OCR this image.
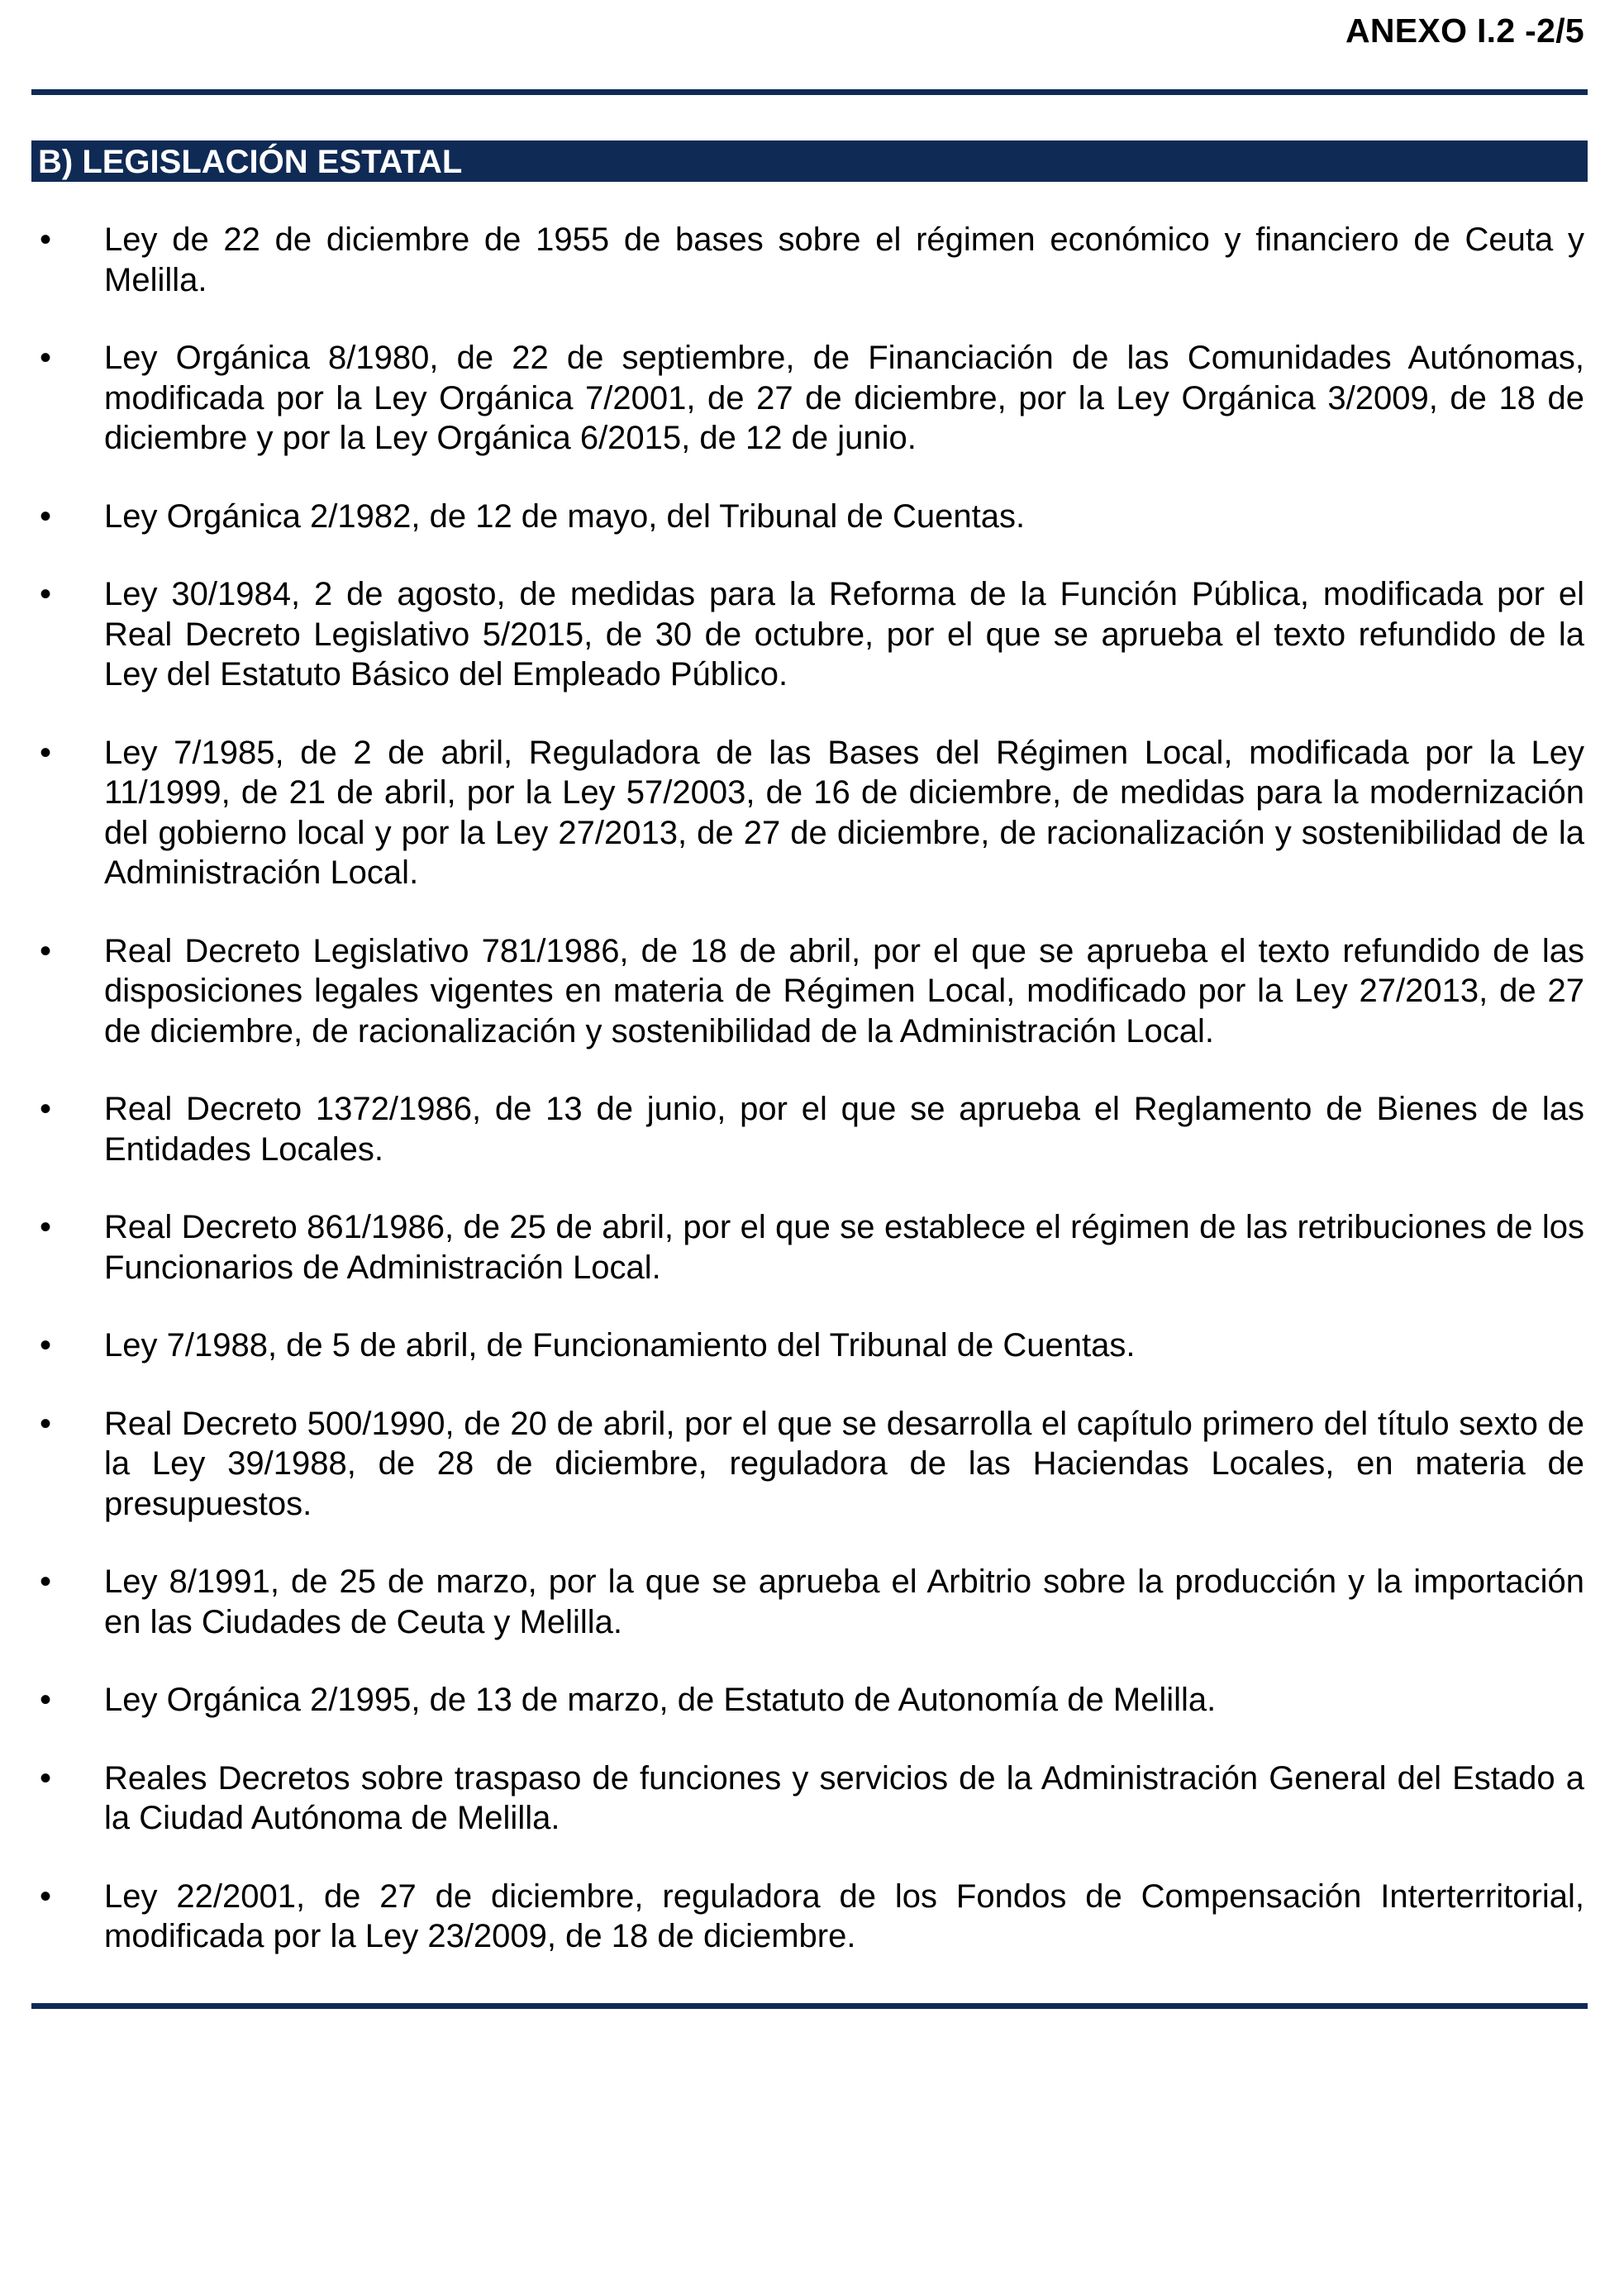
ANEXO I.2 -2/5
B) LEGISLACIÓN ESTATAL
• Ley de 22 de diciembre de 1955 de bases sobre el régimen económico y financiero de Ceuta y Melilla.
• Ley Orgánica 8/1980, de 22 de septiembre, de Financiación de las Comunidades Autónomas, modificada por la Ley Orgánica 7/2001, de 27 de diciembre, por la Ley Orgánica 3/2009, de 18 de diciembre y por la Ley Orgánica 6/2015, de 12 de junio.
• Ley Orgánica 2/1982, de 12 de mayo, del Tribunal de Cuentas.
• Ley 30/1984, 2 de agosto, de medidas para la Reforma de la Función Pública, modificada por el Real Decreto Legislativo 5/2015, de 30 de octubre, por el que se aprueba el texto refundido de la Ley del Estatuto Básico del Empleado Público.
• Ley 7/1985, de 2 de abril, Reguladora de las Bases del Régimen Local, modificada por la Ley 11/1999, de 21 de abril, por la Ley 57/2003, de 16 de diciembre, de medidas para la modernización del gobierno local y por la Ley 27/2013, de 27 de diciembre, de racionalización y sostenibilidad de la Administración Local.
• Real Decreto Legislativo 781/1986, de 18 de abril, por el que se aprueba el texto refundido de las disposiciones legales vigentes en materia de Régimen Local, modificado por la Ley 27/2013, de 27 de diciembre, de racionalización y sostenibilidad de la Administración Local.
• Real Decreto 1372/1986, de 13 de junio, por el que se aprueba el Reglamento de Bienes de las Entidades Locales.
• Real Decreto 861/1986, de 25 de abril, por el que se establece el régimen de las retribuciones de los Funcionarios de Administración Local.
• Ley 7/1988, de 5 de abril, de Funcionamiento del Tribunal de Cuentas.
• Real Decreto 500/1990, de 20 de abril, por el que se desarrolla el capítulo primero del título sexto de la Ley 39/1988, de 28 de diciembre, reguladora de las Haciendas Locales, en materia de presupuestos.
• Ley 8/1991, de 25 de marzo, por la que se aprueba el Arbitrio sobre la producción y la importación en las Ciudades de Ceuta y Melilla.
• Ley Orgánica 2/1995, de 13 de marzo, de Estatuto de Autonomía de Melilla.
• Reales Decretos sobre traspaso de funciones y servicios de la Administración General del Estado a la Ciudad Autónoma de Melilla.
• Ley 22/2001, de 27 de diciembre, reguladora de los Fondos de Compensación Interterritorial, modificada por la Ley 23/2009, de 18 de diciembre.
